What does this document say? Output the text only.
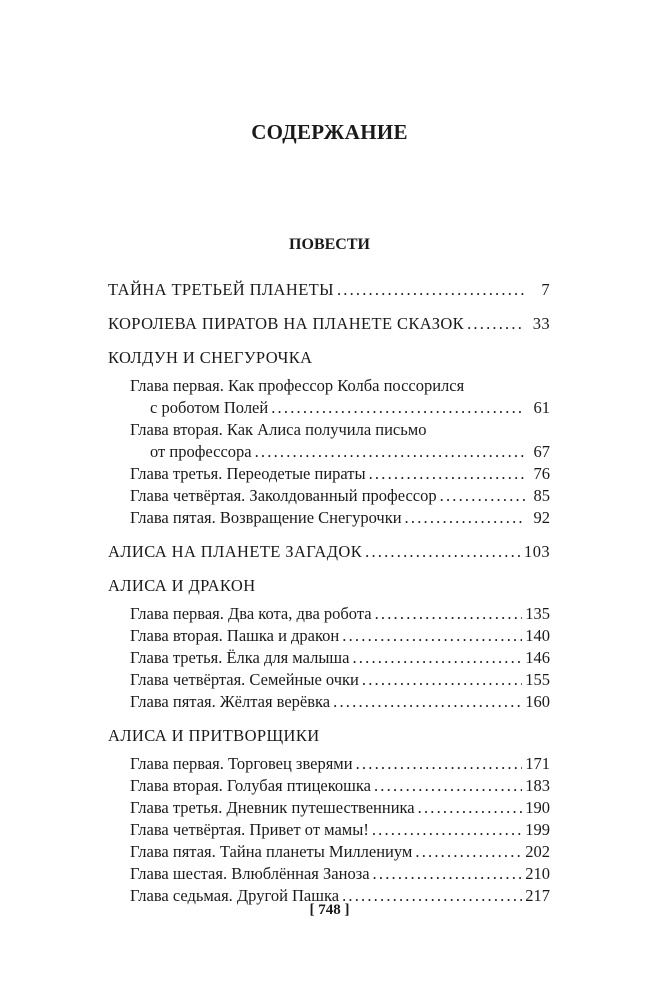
СОДЕРЖАНИЕ
ПОВЕСТИ
ТАЙНА ТРЕТЬЕЙ ПЛАНЕТЫ .....	7
КОРОЛЕВА ПИРАТОВ НА ПЛАНЕТЕ СКАЗОК .....	33
КОЛДУН И СНЕГУРОЧКА
Глава первая. Как профессор Колба поссорился
с роботом Полей .....	61
Глава вторая. Как Алиса получила письмо
от профессора .....	67
Глава третья. Переодетые пираты .....	76
Глава четвёртая. Заколдованный профессор .....	85
Глава пятая. Возвращение Снегурочки .....	92
АЛИСА НА ПЛАНЕТЕ ЗАГАДОК .....	103
АЛИСА И ДРАКОН
Глава первая. Два кота, два робота .....	135
Глава вторая. Пашка и дракон .....	140
Глава третья. Ёлка для малыша .....	146
Глава четвёртая. Семейные очки .....	155
Глава пятая. Жёлтая верёвка .....	160
АЛИСА И ПРИТВОРЩИКИ
Глава первая. Торговец зверями .....	171
Глава вторая. Голубая птицекошка .....	183
Глава третья. Дневник путешественника .....	190
Глава четвёртая. Привет от мамы! .....	199
Глава пятая. Тайна планеты Миллениум .....	202
Глава шестая. Влюблённая Заноза .....	210
Глава седьмая. Другой Пашка .....	217
[ 748 ]
